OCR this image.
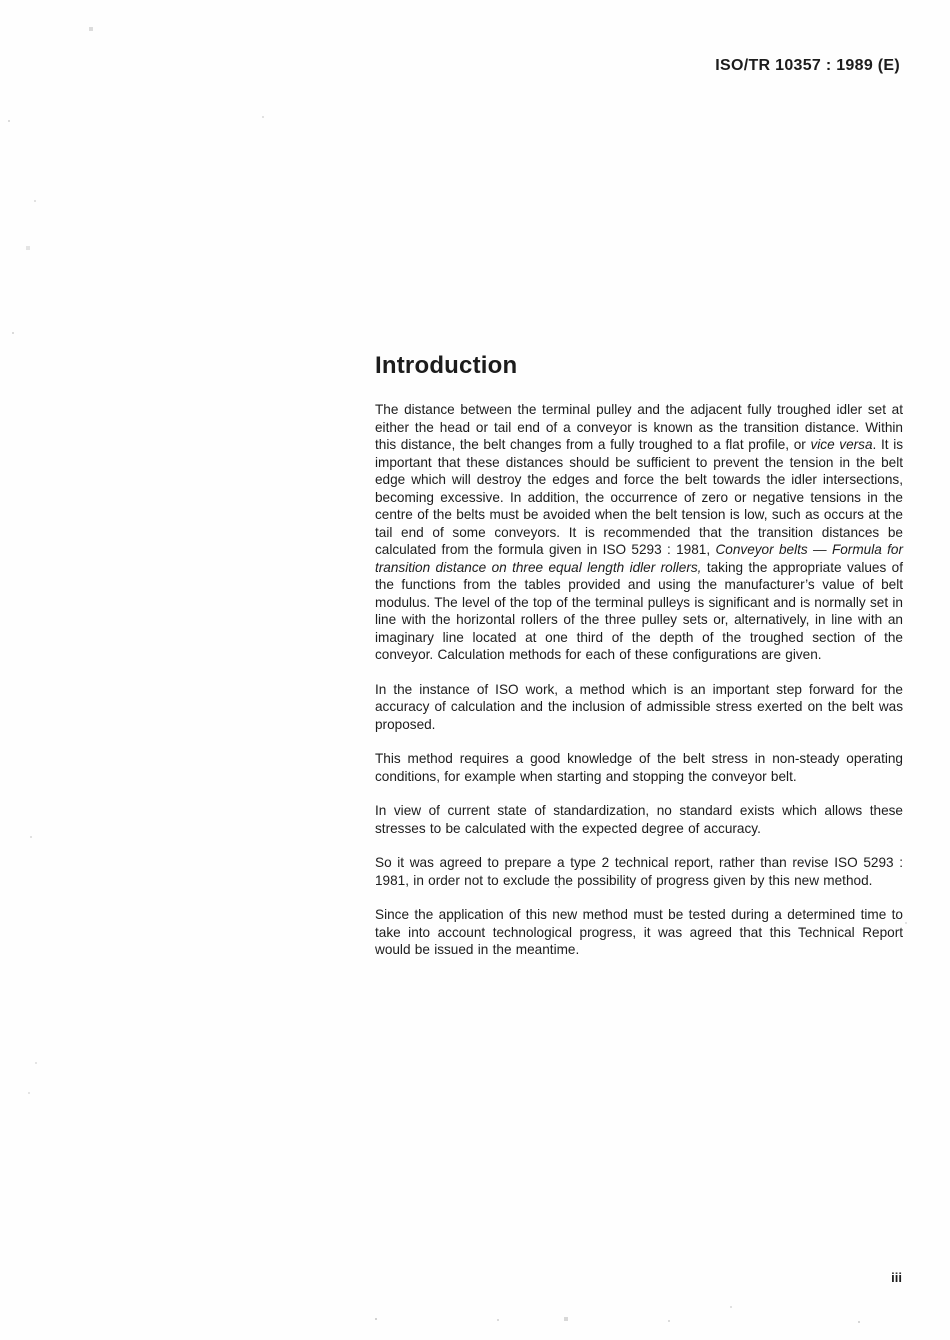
ISO/TR 10357 : 1989 (E)
Introduction

The distance between the terminal pulley and the adjacent fully troughed idler set at either the head or tail end of a conveyor is known as the transition distance. Within this distance, the belt changes from a fully troughed to a flat profile, or vice versa. It is important that these distances should be sufficient to prevent the tension in the belt edge which will destroy the edges and force the belt towards the idler intersections, becoming excessive. In addition, the occurrence of zero or negative tensions in the centre of the belts must be avoided when the belt tension is low, such as occurs at the tail end of some conveyors. It is recommended that the transition distances be calculated from the formula given in ISO 5293 : 1981, Conveyor belts — Formula for transition distance on three equal length idler rollers, taking the appropriate values of the functions from the tables provided and using the manufacturer’s value of belt modulus. The level of the top of the terminal pulleys is significant and is normally set in line with the horizontal rollers of the three pulley sets or, alternatively, in line with an imaginary line located at one third of the depth of the troughed section of the conveyor. Calculation methods for each of these configurations are given.

In the instance of ISO work, a method which is an important step forward for the accuracy of calculation and the inclusion of admissible stress exerted on the belt was proposed.

This method requires a good knowledge of the belt stress in non-steady operating conditions, for example when starting and stopping the conveyor belt.

In view of current state of standardization, no standard exists which allows these stresses to be calculated with the expected degree of accuracy.

So it was agreed to prepare a type 2 technical report, rather than revise ISO 5293 : 1981, in order not to exclude the possibility of progress given by this new method.

Since the application of this new method must be tested during a determined time to take into account technological progress, it was agreed that this Technical Report would be issued in the meantime.

iii
